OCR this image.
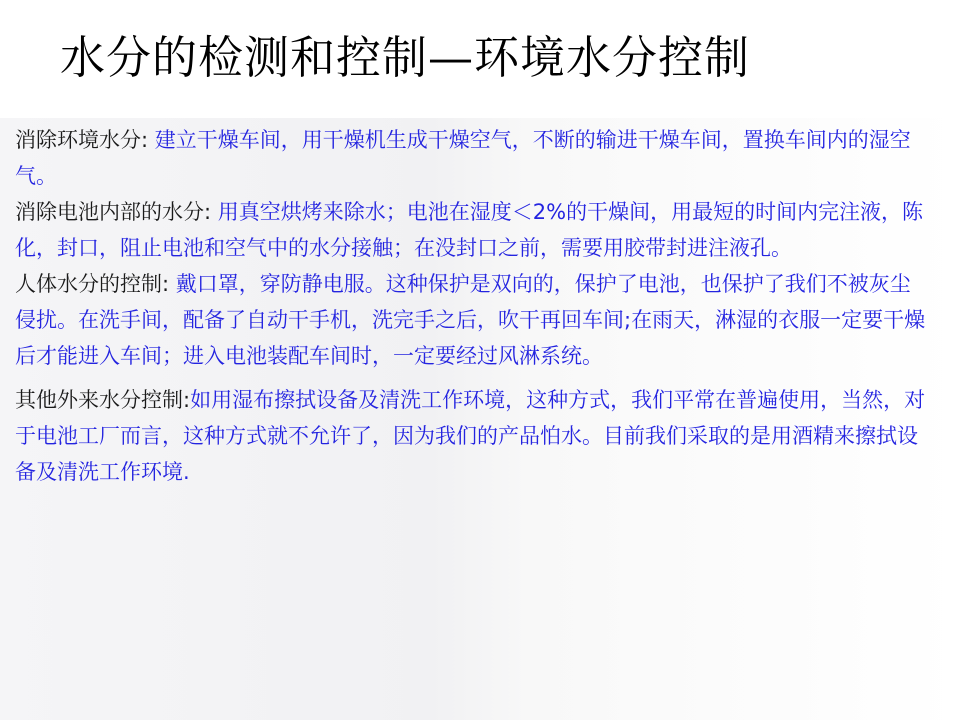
水分的检测和控制—环境水分控制

消除环境水分: 建立干燥车间，用干燥机生成干燥空气，不断的输进干燥车间，置换车间内的湿空气。

消除电池内部的水分: 用真空烘烤来除水；电池在湿度＜2%的干燥间，用最短的时间内完注液，陈化，封口，阻止电池和空气中的水分接触；在没封口之前，需要用胶带封进注液孔。

人体水分的控制: 戴口罩，穿防静电服。这种保护是双向的，保护了电池，也保护了我们不被灰尘侵扰。在洗手间，配备了自动干手机，洗完手之后，吹干再回车间;在雨天，淋湿的衣服一定要干燥后才能进入车间；进入电池装配车间时，一定要经过风淋系统。

其他外来水分控制:如用湿布擦拭设备及清洗工作环境，这种方式，我们平常在普遍使用，当然，对于电池工厂而言，这种方式就不允许了，因为我们的产品怕水。目前我们采取的是用酒精来擦拭设备及清洗工作环境.
